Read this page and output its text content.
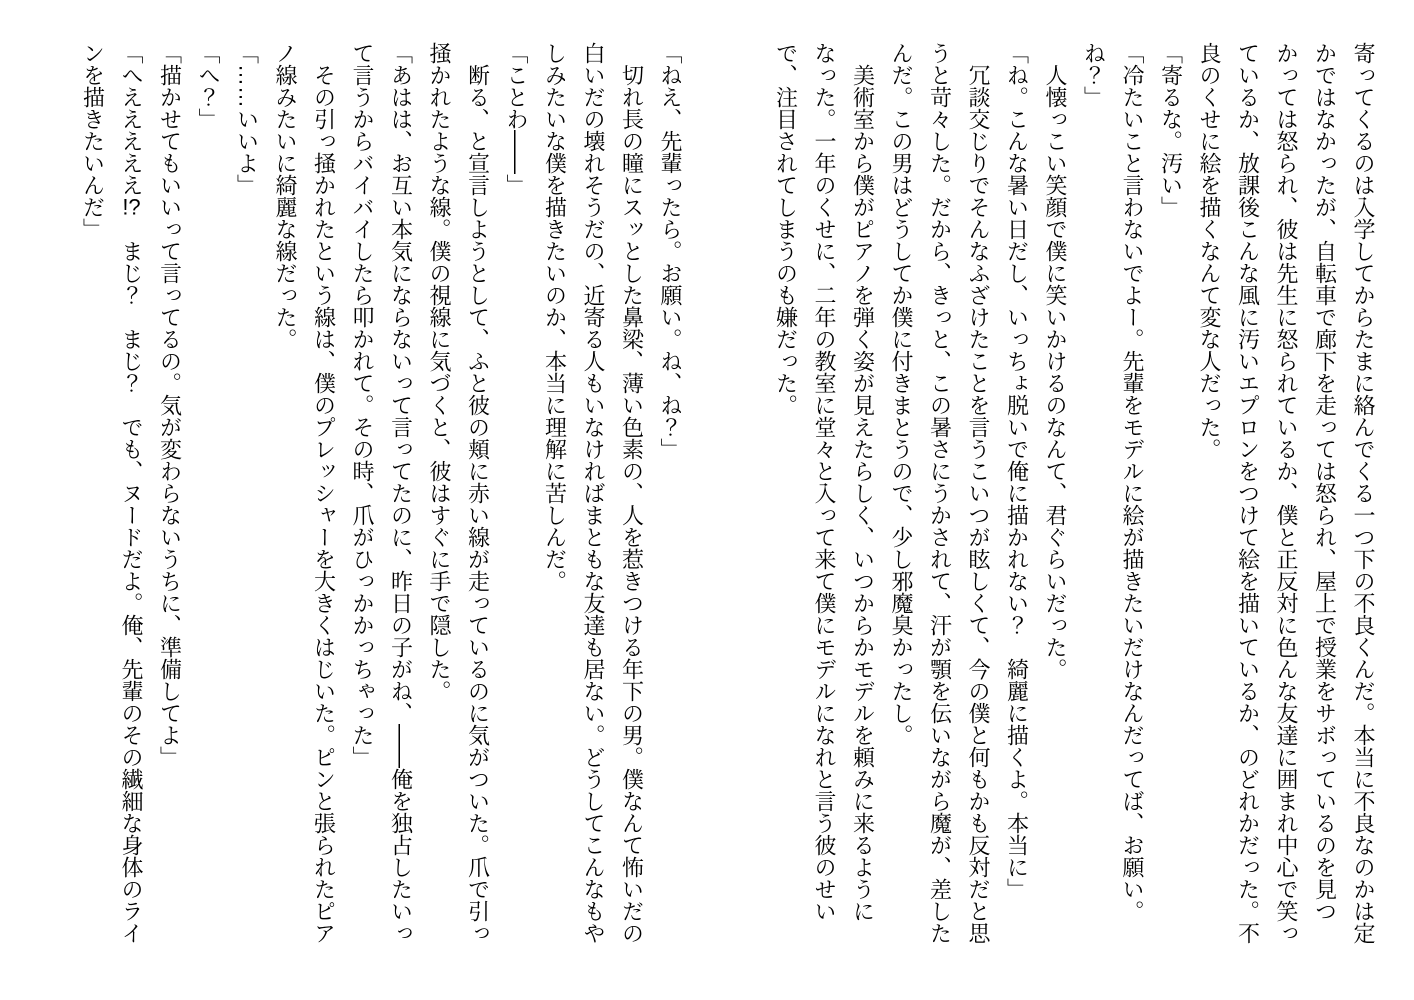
寄ってくるのは入学してからたまに絡んでくる一つ下の不良くんだ。本当に不良なのかは定かではなかったが、自転車で廊下を走っては怒られ、屋上で授業をサボっているのを見つかっては怒られ、彼は先生に怒られているか、僕と正反対に色んな友達に囲まれ中心で笑っているか、放課後こんな風に汚いエプロンをつけて絵を描いているか、のどれかだった。不良のくせに絵を描くなんて変な人だった。

「寄るな。汚い」

「冷たいこと言わないでよー。先輩をモデルに絵が描きたいだけなんだってば、お願い。ね？」

人懐っこい笑顔で僕に笑いかけるのなんて、君ぐらいだった。

「ね。こんな暑い日だし、いっちょ脱いで俺に描かれない？　綺麗に描くよ。本当に」

冗談交じりでそんなふざけたことを言うこいつが眩しくて、今の僕と何もかも反対だと思うと苛々した。だから、きっと、この暑さにうかされて、汗が顎を伝いながら魔が、差したんだ。この男はどうしてか僕に付きまとうので、少し邪魔臭かったし。

美術室から僕がピアノを弾く姿が見えたらしく、いつからかモデルを頼みに来るようになった。一年のくせに、二年の教室に堂々と入って来て僕にモデルになれと言う彼のせいで、注目されてしまうのも嫌だった。

「ねえ、先輩ったら。お願い。ね、ね？」

切れ長の瞳にスッとした鼻梁、薄い色素の、人を惹きつける年下の男。僕なんて怖いだの白いだの壊れそうだの、近寄る人もいなければまともな友達も居ない。どうしてこんなもやしみたいな僕を描きたいのか、本当に理解に苦しんだ。

「ことわ――」

断る、と宣言しようとして、ふと彼の頬に赤い線が走っているのに気がついた。爪で引っ掻かれたような線。僕の視線に気づくと、彼はすぐに手で隠した。

「あはは、お互い本気にならないって言ってたのに、昨日の子がね、――俺を独占したいって言うからバイバイしたら叩かれて。その時、爪がひっかかっちゃった」

その引っ掻かれたという線は、僕のプレッシャーを大きくはじいた。ピンと張られたピアノ線みたいに綺麗な線だった。

「……いいよ」

「へ？」

「描かせてもいいって言ってるの。気が変わらないうちに、準備してよ」

「へえええええ!?　まじ？　まじ？　でも、ヌードだよ。俺、先輩のその繊細な身体のラインを描きたいんだ」
